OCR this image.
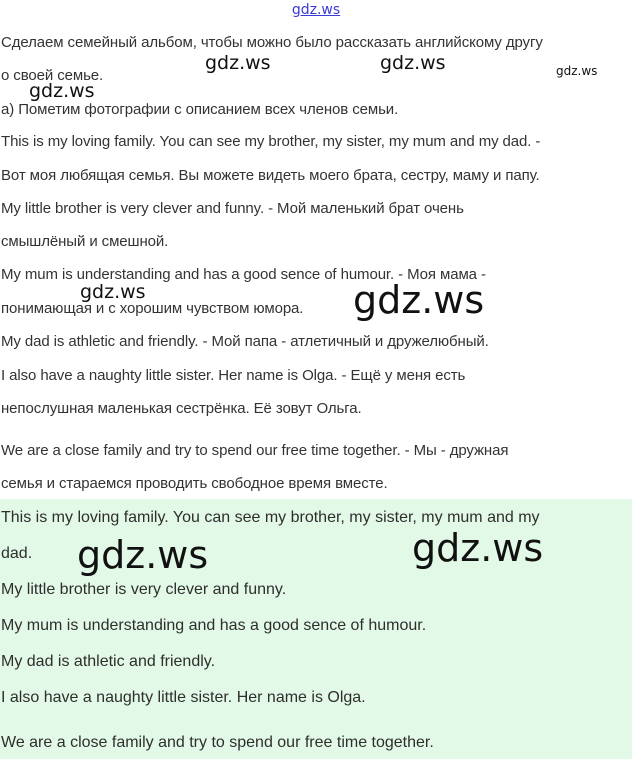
gdz.ws
Сделаем семейный альбом, чтобы можно было рассказать английскому другу
о своей семье.
а) Пометим фотографии с описанием всех членов семьи.
This is my loving family. You can see my brother, my sister, my mum and my dad. -
Вот моя любящая семья. Вы можете видеть моего брата, сестру, маму и папу.
My little brother is very clever and funny. - Мой маленький брат очень
смышлёный и смешной.
My mum is understanding and has a good sence of humour. - Моя мама -
понимающая и с хорошим чувством юмора.
My dad is athletic and friendly. - Мой папа - атлетичный и дружелюбный.
I also have a naughty little sister. Her name is Olga. - Ещё у меня есть
непослушная маленькая сестрёнка. Её зовут Ольга.
We are a close family and try to spend our free time together. - Мы - дружная
семья и стараемся проводить свободное время вместе.
This is my loving family. You can see my brother, my sister, my mum and my
dad.
My little brother is very clever and funny.
My mum is understanding and has a good sence of humour.
My dad is athletic and friendly.
I also have a naughty little sister. Her name is Olga.
We are a close family and try to spend our free time together.
gdz.ws	gdz.ws	gdz.ws
gdz.ws
gdz.ws	gdz.ws
gdz.ws	gdz.ws
